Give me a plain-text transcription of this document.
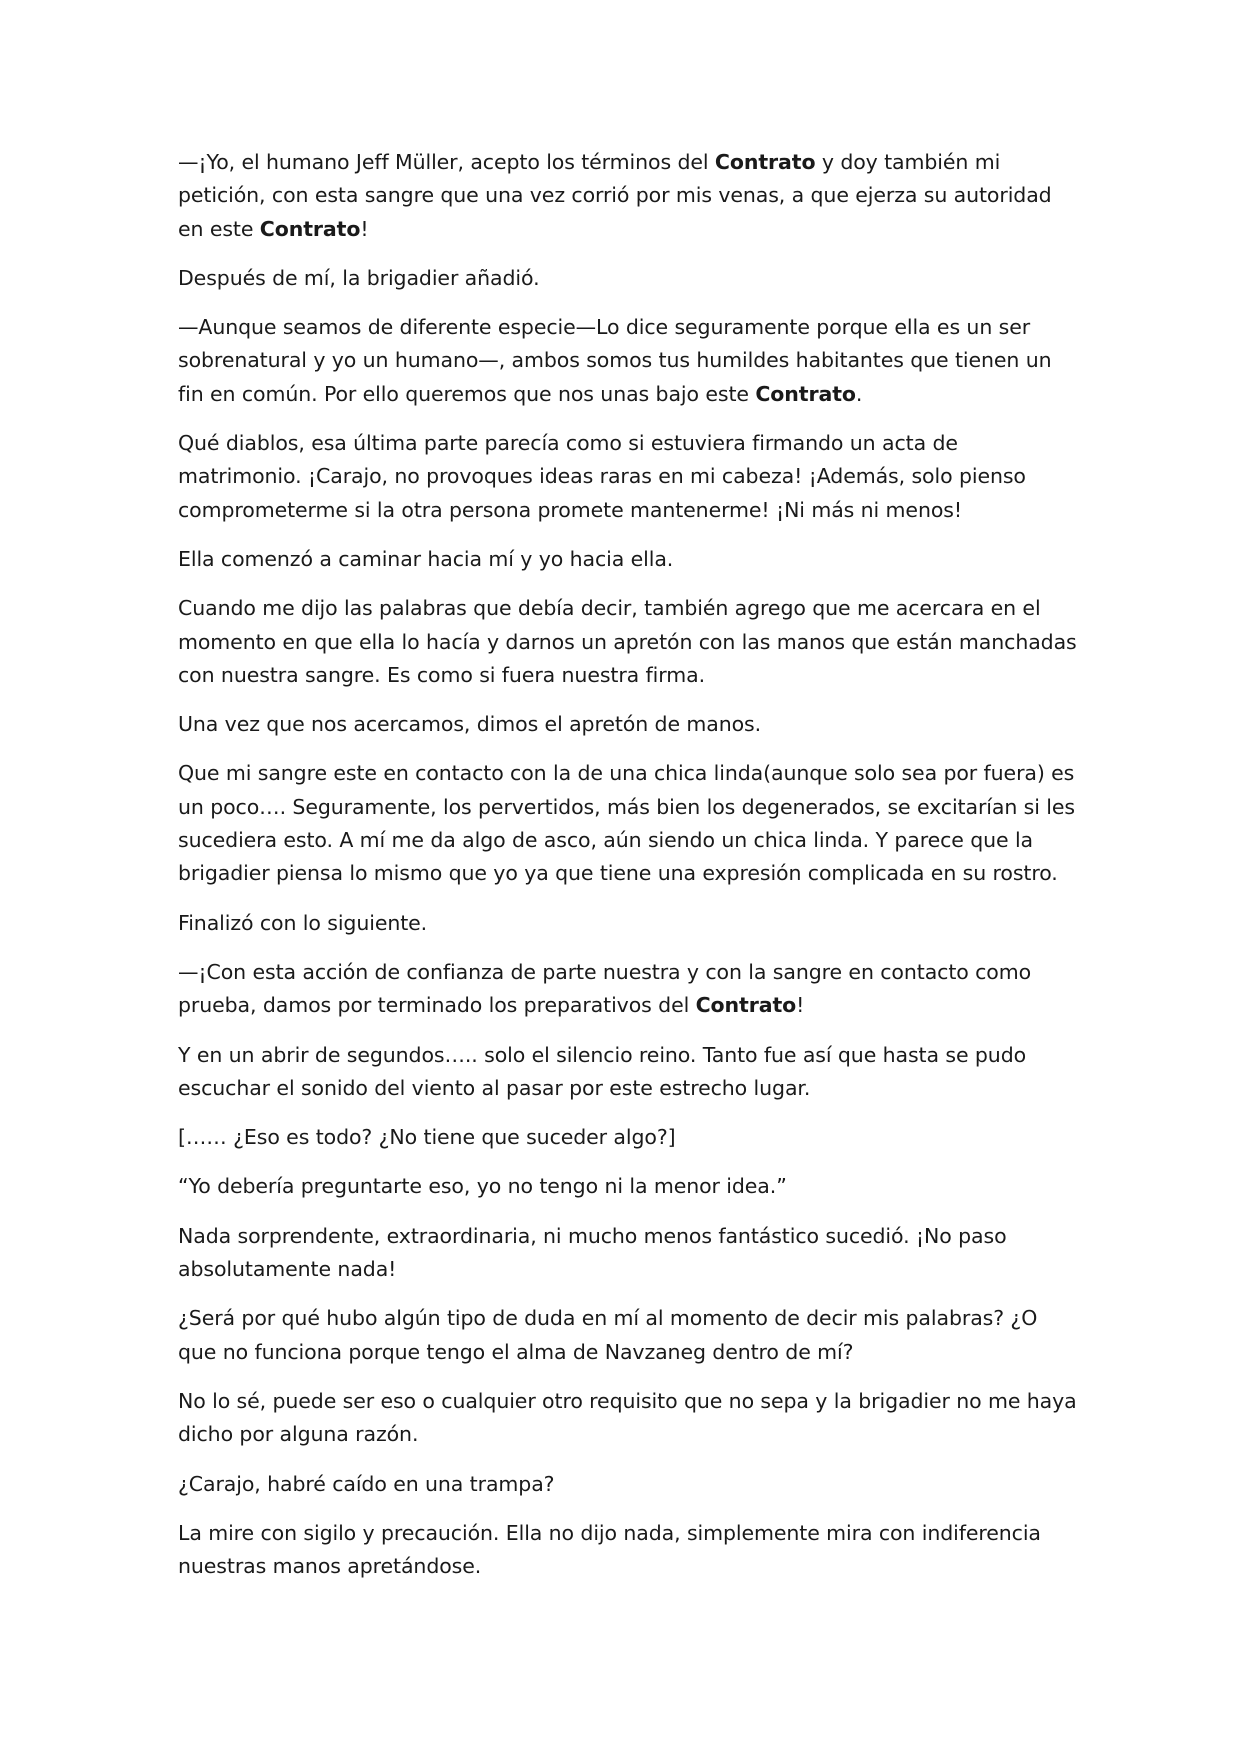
—¡Yo, el humano Jeff Müller, acepto los términos del Contrato y doy también mi petición, con esta sangre que una vez corrió por mis venas, a que ejerza su autoridad en este Contrato!

Después de mí, la brigadier añadió.

—Aunque seamos de diferente especie—Lo dice seguramente porque ella es un ser sobrenatural y yo un humano—, ambos somos tus humildes habitantes que tienen un fin en común. Por ello queremos que nos unas bajo este Contrato.

Qué diablos, esa última parte parecía como si estuviera firmando un acta de matrimonio. ¡Carajo, no provoques ideas raras en mi cabeza! ¡Además, solo pienso comprometerme si la otra persona promete mantenerme! ¡Ni más ni menos!

Ella comenzó a caminar hacia mí y yo hacia ella.

Cuando me dijo las palabras que debía decir, también agrego que me acercara en el momento en que ella lo hacía y darnos un apretón con las manos que están manchadas con nuestra sangre. Es como si fuera nuestra firma.

Una vez que nos acercamos, dimos el apretón de manos.

Que mi sangre este en contacto con la de una chica linda(aunque solo sea por fuera) es un poco…. Seguramente, los pervertidos, más bien los degenerados, se excitarían si les sucediera esto. A mí me da algo de asco, aún siendo un chica linda. Y parece que la brigadier piensa lo mismo que yo ya que tiene una expresión complicada en su rostro.

Finalizó con lo siguiente.

—¡Con esta acción de confianza de parte nuestra y con la sangre en contacto como prueba, damos por terminado los preparativos del Contrato!

Y en un abrir de segundos….. solo el silencio reino. Tanto fue así que hasta se pudo escuchar el sonido del viento al pasar por este estrecho lugar.

[…… ¿Eso es todo? ¿No tiene que suceder algo?]

“Yo debería preguntarte eso, yo no tengo ni la menor idea.”

Nada sorprendente, extraordinaria, ni mucho menos fantástico sucedió. ¡No paso absolutamente nada!

¿Será por qué hubo algún tipo de duda en mí al momento de decir mis palabras? ¿O que no funciona porque tengo el alma de Navzaneg dentro de mí?

No lo sé, puede ser eso o cualquier otro requisito que no sepa y la brigadier no me haya dicho por alguna razón.

¿Carajo, habré caído en una trampa?

La mire con sigilo y precaución. Ella no dijo nada, simplemente mira con indiferencia nuestras manos apretándose.
